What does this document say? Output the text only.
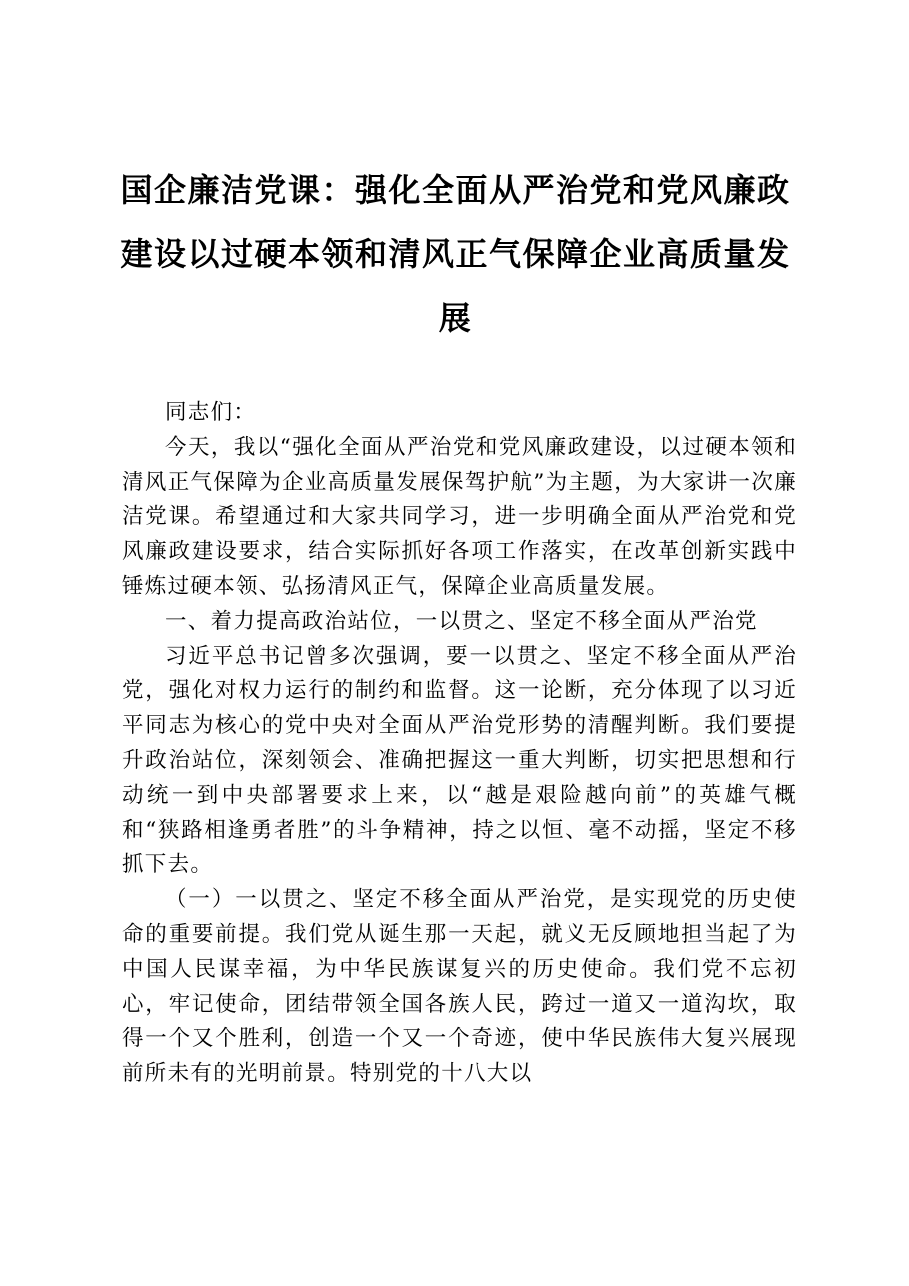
国企廉洁党课：强化全面从严治党和党风廉政
建设以过硬本领和清风正气保障企业高质量发
展

同志们：

今天，我以“强化全面从严治党和党风廉政建设，以过硬本领和清风正气保障为企业高质量发展保驾护航”为主题，为大家讲一次廉洁党课。希望通过和大家共同学习，进一步明确全面从严治党和党风廉政建设要求，结合实际抓好各项工作落实，在改革创新实践中锤炼过硬本领、弘扬清风正气，保障企业高质量发展。

一、着力提高政治站位，一以贯之、坚定不移全面从严治党

习近平总书记曾多次强调，要一以贯之、坚定不移全面从严治党，强化对权力运行的制约和监督。这一论断，充分体现了以习近平同志为核心的党中央对全面从严治党形势的清醒判断。我们要提升政治站位，深刻领会、准确把握这一重大判断，切实把思想和行动统一到中央部署要求上来，以“越是艰险越向前”的英雄气概和“狭路相逢勇者胜”的斗争精神，持之以恒、毫不动摇，坚定不移抓下去。

（一）一以贯之、坚定不移全面从严治党，是实现党的历史使命的重要前提。我们党从诞生那一天起，就义无反顾地担当起了为中国人民谋幸福，为中华民族谋复兴的历史使命。我们党不忘初心，牢记使命，团结带领全国各族人民，跨过一道又一道沟坎，取得一个又个胜利，创造一个又一个奇迹，使中华民族伟大复兴展现前所未有的光明前景。特别党的十八大以
